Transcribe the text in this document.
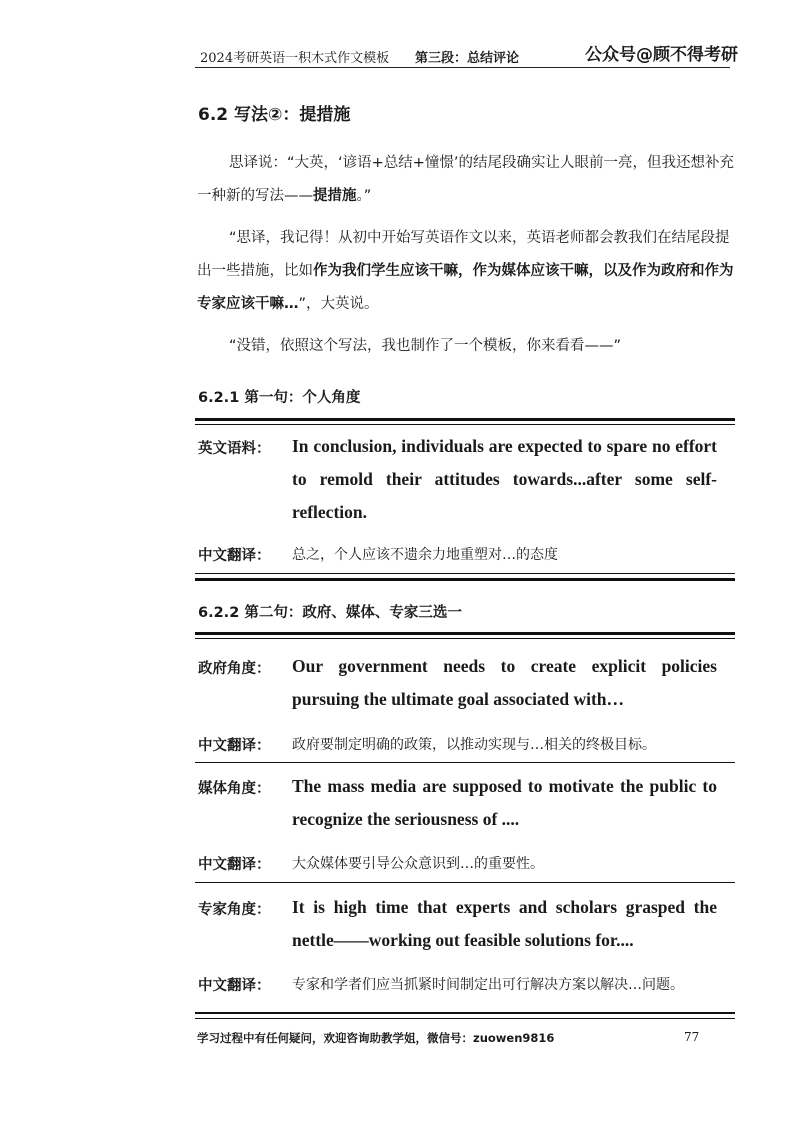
2024考研英语一积木式作文模板 第三段：总结评论	公众号@顾不得考研
6.2 写法②：提措施
思译说：“大英，‘谚语+总结+憧憬’的结尾段确实让人眼前一亮，但我还想补充一种新的写法——提措施。”
“思译，我记得！从初中开始写英语作文以来，英语老师都会教我们在结尾段提出一些措施，比如作为我们学生应该干嘛，作为媒体应该干嘛，以及作为政府和作为专家应该干嘛…”，大英说。
“没错，依照这个写法，我也制作了一个模板，你来看看——”
6.2.1 第一句：个人角度
英文语料： In conclusion, individuals are expected to spare no effort to remold their attitudes towards...after some self-reflection.
中文翻译： 总之，个人应该不遗余力地重塑对…的态度
6.2.2 第二句：政府、媒体、专家三选一
政府角度： Our government needs to create explicit policies pursuing the ultimate goal associated with…
中文翻译： 政府要制定明确的政策，以推动实现与…相关的终极目标。
媒体角度： The mass media are supposed to motivate the public to recognize the seriousness of ....
中文翻译： 大众媒体要引导公众意识到…的重要性。
专家角度： It is high time that experts and scholars grasped the nettle——working out feasible solutions for....
中文翻译： 专家和学者们应当抓紧时间制定出可行解决方案以解决…问题。
学习过程中有任何疑问，欢迎咨询助教学姐，微信号：zuowen9816	77
